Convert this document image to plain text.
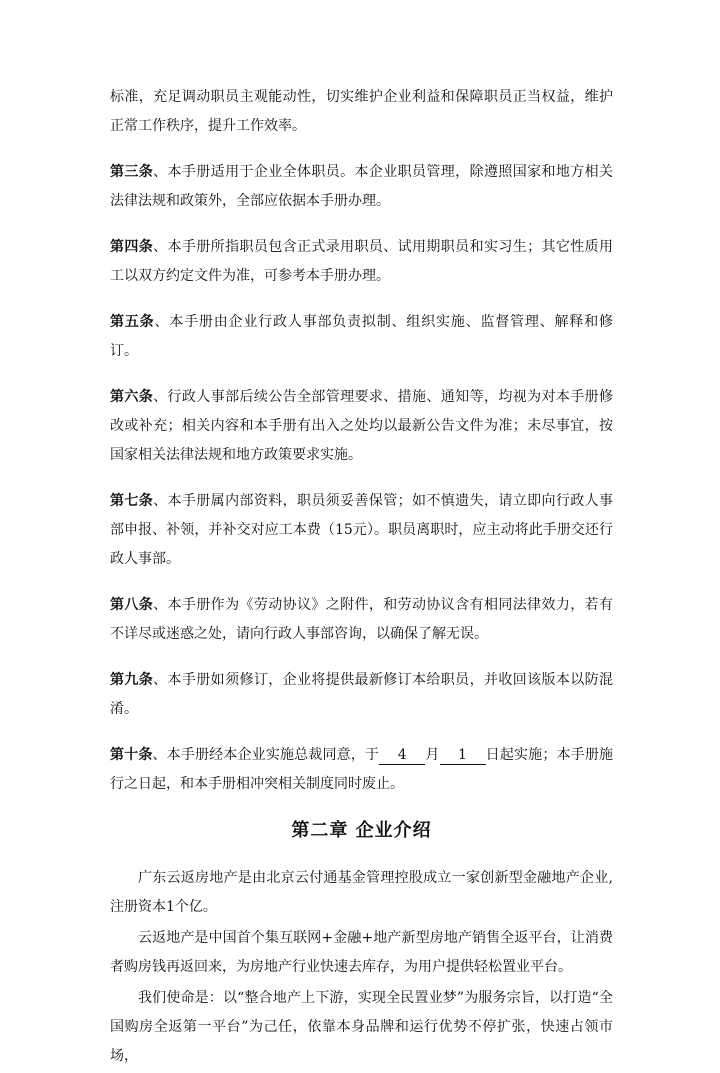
标准，充足调动职员主观能动性，切实维护企业利益和保障职员正当权益，维护正常工作秩序，提升工作效率。

第三条、本手册适用于企业全体职员。本企业职员管理，除遵照国家和地方相关法律法规和政策外，全部应依据本手册办理。

第四条、本手册所指职员包含正式录用职员、试用期职员和实习生；其它性质用工以双方约定文件为准，可参考本手册办理。

第五条、本手册由企业行政人事部负责拟制、组织实施、监督管理、解释和修订。

第六条、行政人事部后续公告全部管理要求、措施、通知等，均视为对本手册修改或补充；相关内容和本手册有出入之处均以最新公告文件为准；未尽事宜，按国家相关法律法规和地方政策要求实施。

第七条、本手册属内部资料，职员须妥善保管；如不慎遗失，请立即向行政人事部申报、补领，并补交对应工本费（15元）。职员离职时，应主动将此手册交还行政人事部。

第八条、本手册作为《劳动协议》之附件，和劳动协议含有相同法律效力，若有不详尽或迷惑之处，请向行政人事部咨询，以确保了解无误。

第九条、本手册如须修订，企业将提供最新修订本给职员，并收回该版本以防混淆。

第十条、本手册经本企业实施总裁同意，于 4 月 1 日起实施；本手册施行之日起，和本手册相冲突相关制度同时废止。

第二章 企业介绍

广东云返房地产是由北京云付通基金管理控股成立一家创新型金融地产企业,注册资本1个亿。

云返地产是中国首个集互联网+金融+地产新型房地产销售全返平台，让消费者购房钱再返回来，为房地产行业快速去库存，为用户提供轻松置业平台。

我们使命是：以“整合地产上下游，实现全民置业梦”为服务宗旨，以打造“全国购房全返第一平台”为己任，依靠本身品牌和运行优势不停扩张，快速占领市场，
